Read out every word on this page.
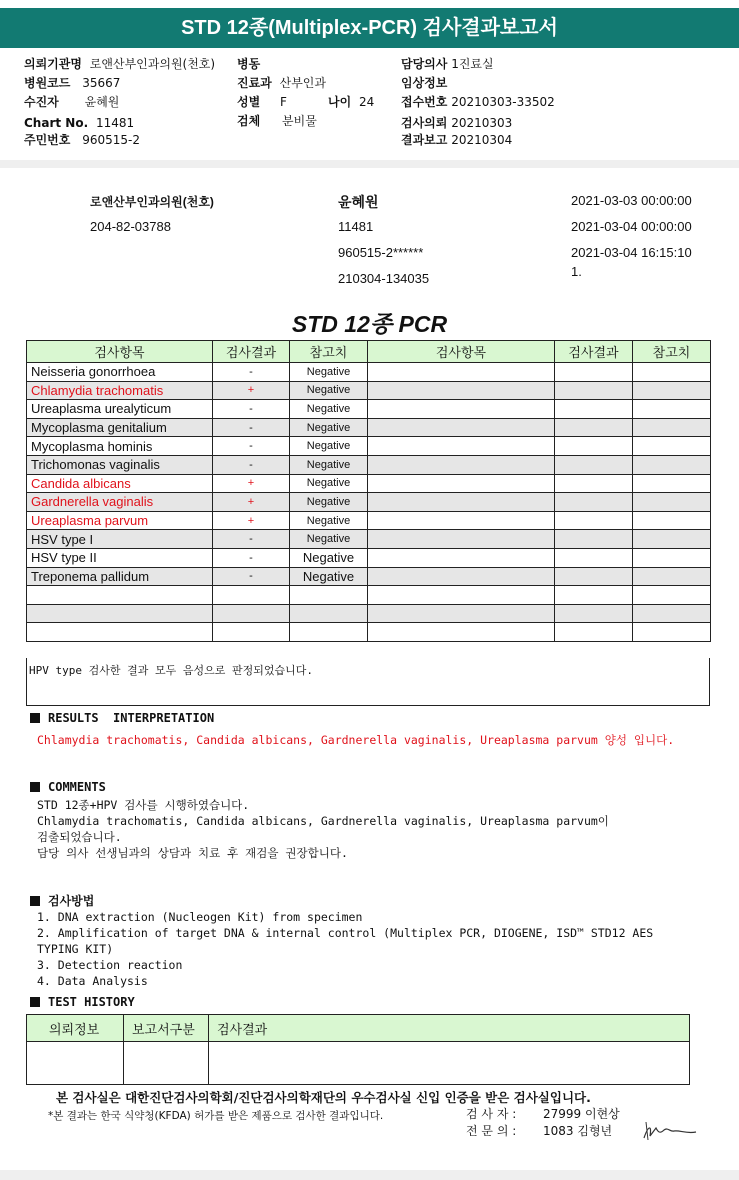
STD 12종(Multiplex-PCR) 검사결과보고서
의뢰기관명 로앤산부인과의원(천호) 병동	담당의사 1진료실
병원코드 35667	진료과 산부인과	임상정보
수진자 윤혜원	성별 F	나이 24 접수번호 20210303-33502
Chart No. 11481	검체 분비물	검사의뢰 20210303
주민번호 960515-2	결과보고 20210304
로앤산부인과의원(천호)
204-82-03788
윤혜원
11481
960515-2******
210304-134035
2021-03-03 00:00:00
2021-03-04 00:00:00
2021-03-04 16:15:10
1.
STD 12종 PCR
검사항목	검사결과	참고치	검사항목	검사결과	참고치
Neisseria gonorrhoea	-	Negative			
Chlamydia trachomatis	+	Negative			
Ureaplasma urealyticum	-	Negative			
Mycoplasma genitalium	-	Negative			
Mycoplasma hominis	-	Negative			
Trichomonas vaginalis	-	Negative			
Candida albicans	+	Negative			
Gardnerella vaginalis	+	Negative			
Ureaplasma parvum	+	Negative			
HSV type I	-	Negative			
HSV type II	-	Negative			
Treponema pallidum	-	Negative			

HPV type 검사한 결과 모두 음성으로 판정되었습니다.
RESULTS  INTERPRETATION
Chlamydia trachomatis, Candida albicans, Gardnerella vaginalis, Ureaplasma parvum 양성 입니다.
COMMENTS
STD 12종+HPV 검사를 시행하였습니다.
Chlamydia trachomatis, Candida albicans, Gardnerella vaginalis, Ureaplasma parvum이
검출되었습니다.
담당 의사 선생님과의 상담과 치료 후 재검을 권장합니다.
검사방법
1. DNA extraction (Nucleogen Kit) from specimen
2. Amplification of target DNA & internal control (Multiplex PCR, DIOGENE, ISD™ STD12 AES
TYPING KIT)
3. Detection reaction
4. Data Analysis
TEST HISTORY
의뢰정보	보고서구분	검사결과

본 검사실은 대한진단검사의학회/진단검사의학재단의 우수검사실 신입 인증을 받은 검사실입니다.
*본 결과는 한국 식약청(KFDA) 허가를 받은 제품으로 검사한 결과입니다.	검 사 자 : 27999 이현상
전 문 의 : 1083 김형년
